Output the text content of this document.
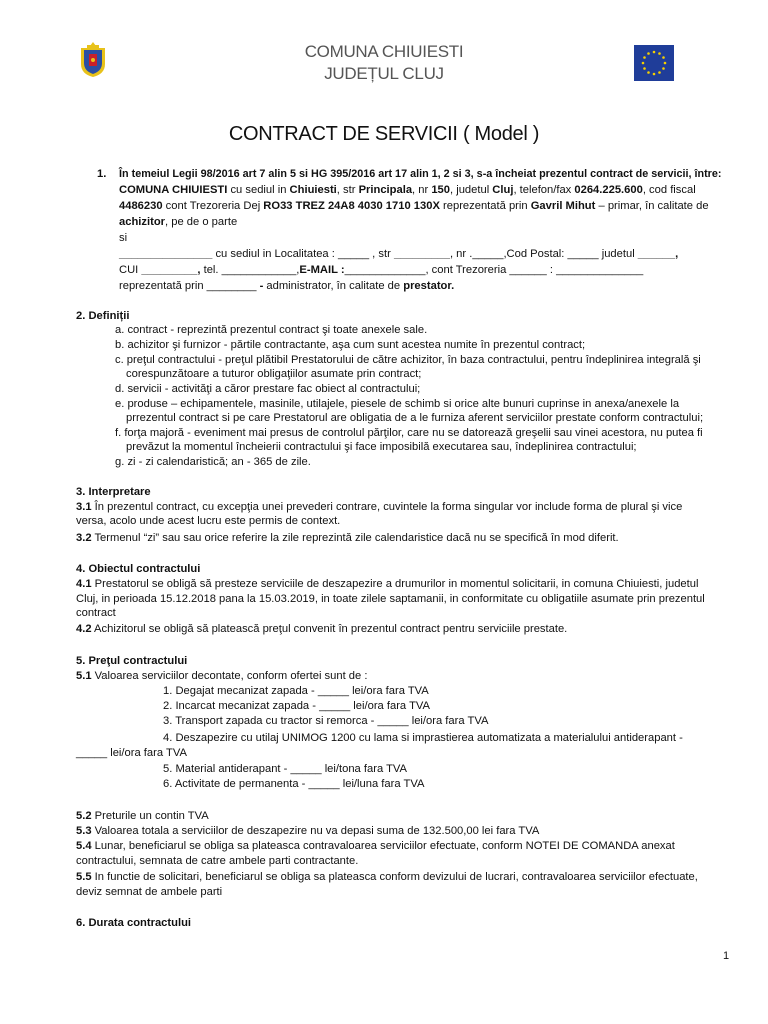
COMUNA CHIUIESTI
JUDEȚUL CLUJ
CONTRACT DE SERVICII ( Model )
1. În temeiul Legii 98/2016 art 7 alin 5 si HG 395/2016 art 17 alin 1, 2 si 3, s-a încheiat prezentul contract de servicii, între:
COMUNA CHIUIESTI cu sediul in Chiuiesti, str Principala, nr 150, judetul Cluj, telefon/fax 0264.225.600, cod fiscal
4486230 cont Trezoreria Dej RO33 TREZ 24A8 4030 1710 130X reprezentată prin Gavril Mihut – primar, în calitate de
achizitor, pe de o parte
si
_______________ cu sediul in Localitatea : _____ , str _________, nr ._____,Cod Postal: _____ judetul ______,
CUI _________, tel. ____________,E-MAIL :_____________, cont Trezoreria ______ : ______________
reprezentată prin ________ - administrator, în calitate de prestator.
2. Definiții
a. contract - reprezintă prezentul contract şi toate anexele sale.
b. achizitor şi furnizor - părtile contractante, aşa cum sunt acestea numite în prezentul contract;
c. preţul contractului - preţul plătibil Prestatorului de către achizitor, în baza contractului, pentru îndeplinirea integrală şi
corespunzătoare a tuturor obligaţiilor asumate prin contract;
d. servicii - activităţi a căror prestare fac obiect al contractului;
e. produse – echipamentele, masinile, utilajele, piesele de schimb si orice alte bunuri cuprinse in anexa/anexele la
prrezentul contract si pe care Prestatorul are obligatia de a le furniza aferent serviciilor prestate conform contractului;
f. forţa majoră - eveniment mai presus de controlul părţilor, care nu se datorează greşelii sau vinei acestora, nu putea fi
prevăzut la momentul încheierii contractului şi face imposibilă executarea sau, îndeplinirea contractului;
g. zi - zi calendaristică; an - 365 de zile.
3. Interpretare
3.1 În prezentul contract, cu excepţia unei prevederi contrare, cuvintele la forma singular vor include forma de plural şi vice
versa, acolo unde acest lucru este permis de context.
3.2 Termenul “zi” sau sau orice referire la zile reprezintă zile calendaristice dacă nu se specifică în mod diferit.
4. Obiectul contractului
4.1 Prestatorul se obligă să presteze serviciile de deszapezire a drumurilor in momentul solicitarii, in comuna Chiuiesti, judetul
Cluj, in perioada 15.12.2018 pana la 15.03.2019, in toate zilele saptamanii, in conformitate cu obligatiile asumate prin prezentul
contract
4.2 Achizitorul se obligă să platească preţul convenit în prezentul contract pentru serviciile prestate.
5. Preţul contractului
5.1 Valoarea serviciilor decontate, conform ofertei sunt de :
1. Degajat mecanizat zapada - _____ lei/ora fara TVA
2. Incarcat mecanizat zapada - _____ lei/ora fara TVA
3. Transport zapada cu tractor si remorca - _____ lei/ora fara TVA
4. Deszapezire cu utilaj UNIMOG 1200 cu lama si imprastierea automatizata a materialului antiderapant -
_____ lei/ora fara TVA
5. Material antiderapant - _____ lei/tona fara TVA
6. Activitate de permanenta - _____ lei/luna fara TVA
5.2 Preturile un contin TVA
5.3 Valoarea totala a serviciilor de deszapezire nu va depasi suma de 132.500,00 lei fara TVA
5.4 Lunar, beneficiarul se obliga sa plateasca contravaloarea serviciilor efectuate, conform NOTEI DE COMANDA anexat
contractului, semnata de catre ambele parti contractante.
5.5 In functie de solicitari, beneficiarul se obliga sa plateasca conform devizului de lucrari, contravaloarea serviciilor efectuate,
deviz semnat de ambele parti
6. Durata contractului
1
